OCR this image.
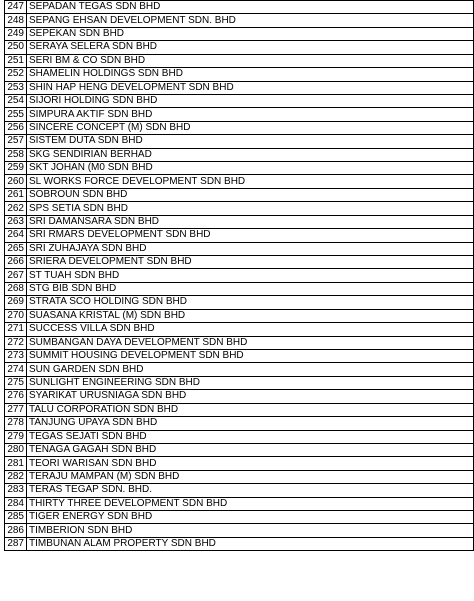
247	SEPADAN TEGAS SDN BHD
248	SEPANG EHSAN DEVELOPMENT SDN. BHD
249	SEPEKAN SDN BHD
250	SERAYA SELERA SDN BHD
251	SERI BM & CO SDN BHD
252	SHAMELIN HOLDINGS SDN BHD
253	SHIN HAP HENG DEVELOPMENT SDN BHD
254	SIJORI HOLDING SDN BHD
255	SIMPURA AKTIF SDN BHD
256	SINCERE CONCEPT (M) SDN BHD
257	SISTEM DUTA SDN BHD
258	SKG SENDIRIAN BERHAD
259	SKT JOHAN (M0 SDN BHD
260	SL WORKS FORCE DEVELOPMENT SDN BHD
261	SOBROUN SDN BHD
262	SPS SETIA SDN BHD
263	SRI DAMANSARA SDN BHD
264	SRI RMARS DEVELOPMENT SDN BHD
265	SRI ZUHAJAYA SDN BHD
266	SRIERA DEVELOPMENT SDN BHD
267	ST TUAH SDN BHD
268	STG BIB SDN BHD
269	STRATA SCO HOLDING SDN BHD
270	SUASANA KRISTAL (M) SDN BHD
271	SUCCESS VILLA SDN BHD
272	SUMBANGAN DAYA DEVELOPMENT SDN BHD
273	SUMMIT HOUSING DEVELOPMENT SDN BHD
274	SUN GARDEN SDN BHD
275	SUNLIGHT ENGINEERING SDN BHD
276	SYARIKAT URUSNIAGA SDN BHD
277	TALU CORPORATION SDN BHD
278	TANJUNG UPAYA SDN BHD
279	TEGAS SEJATI SDN BHD
280	TENAGA GAGAH SDN BHD
281	TEORI WARISAN SDN BHD
282	TERAJU MAMPAN (M) SDN BHD
283	TERAS TEGAP SDN. BHD.
284	THIRTY THREE DEVELOPMENT SDN BHD
285	TIGER ENERGY SDN BHD
286	TIMBERION SDN BHD
287	TIMBUNAN ALAM PROPERTY SDN BHD
